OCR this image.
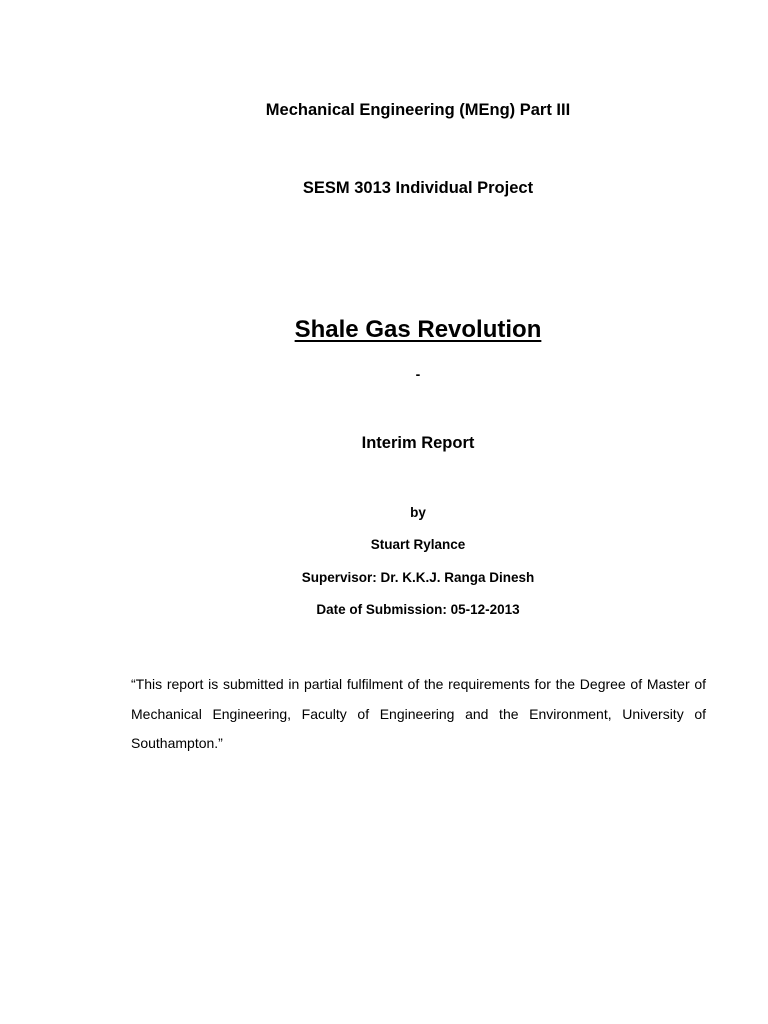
Mechanical Engineering (MEng) Part III
SESM 3013 Individual Project
Shale Gas Revolution
-
Interim Report
by
Stuart Rylance
Supervisor: Dr. K.K.J. Ranga Dinesh
Date of Submission: 05-12-2013
“This report is submitted in partial fulfilment of the requirements for the Degree of Master of Mechanical Engineering, Faculty of Engineering and the Environment, University of Southampton.”
